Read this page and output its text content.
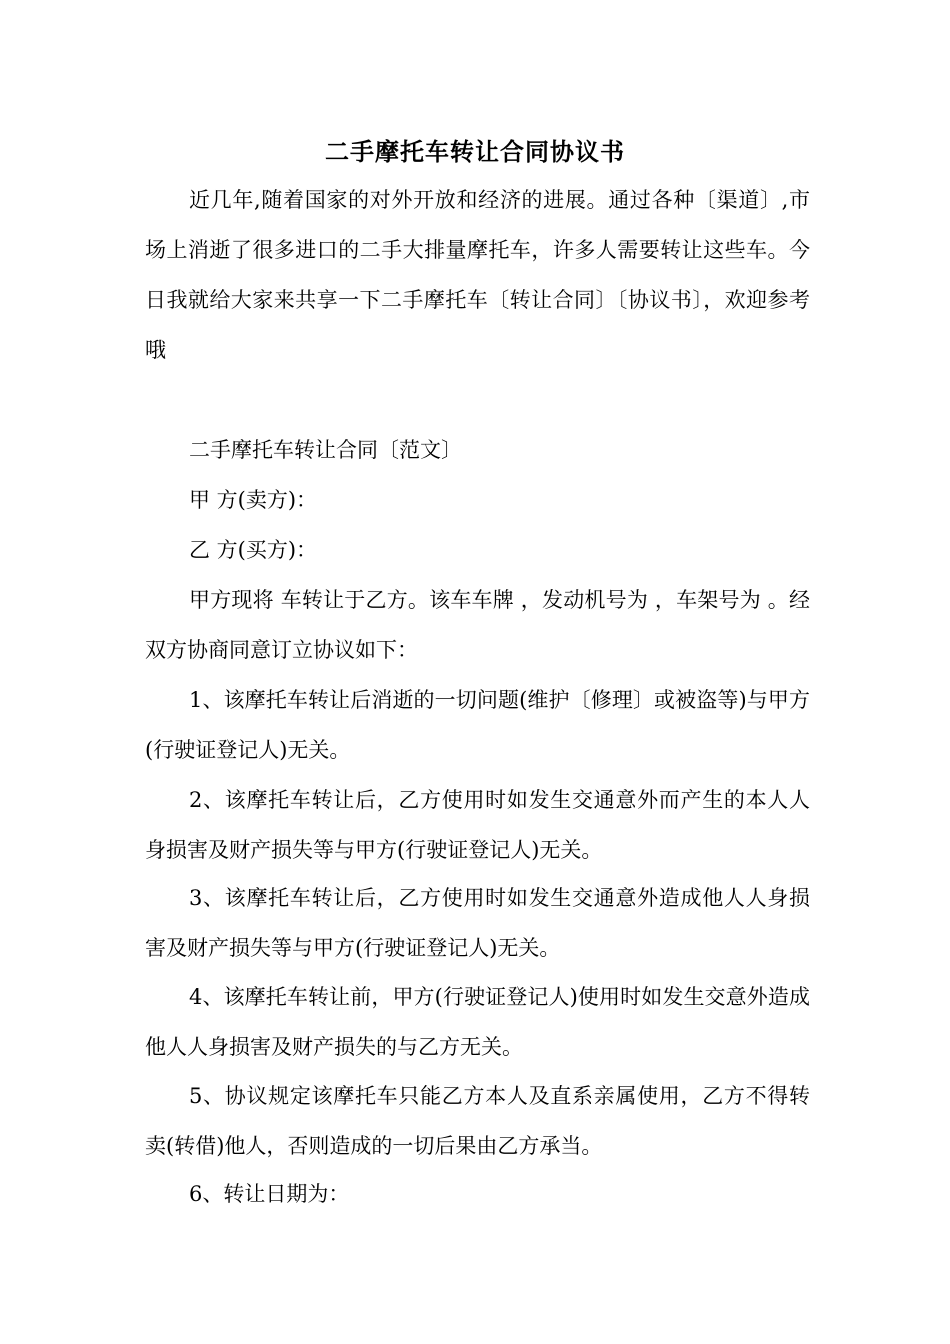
二手摩托车转让合同协议书

近几年,随着国家的对外开放和经济的进展。通过各种〔渠道〕,市场上消逝了很多进口的二手大排量摩托车，许多人需要转让这些车。今日我就给大家来共享一下二手摩托车〔转让合同〕〔协议书〕，欢迎参考哦

二手摩托车转让合同〔范文〕

甲 方(卖方)：

乙 方(买方)：

甲方现将 车转让于乙方。该车车牌 ，发动机号为 ，车架号为 。经双方协商同意订立协议如下：

1、该摩托车转让后消逝的一切问题(维护〔修理〕或被盗等)与甲方(行驶证登记人)无关。

2、该摩托车转让后，乙方使用时如发生交通意外而产生的本人人身损害及财产损失等与甲方(行驶证登记人)无关。

3、该摩托车转让后，乙方使用时如发生交通意外造成他人人身损害及财产损失等与甲方(行驶证登记人)无关。

4、该摩托车转让前，甲方(行驶证登记人)使用时如发生交意外造成他人人身损害及财产损失的与乙方无关。

5、协议规定该摩托车只能乙方本人及直系亲属使用，乙方不得转卖(转借)他人，否则造成的一切后果由乙方承当。

6、转让日期为：
